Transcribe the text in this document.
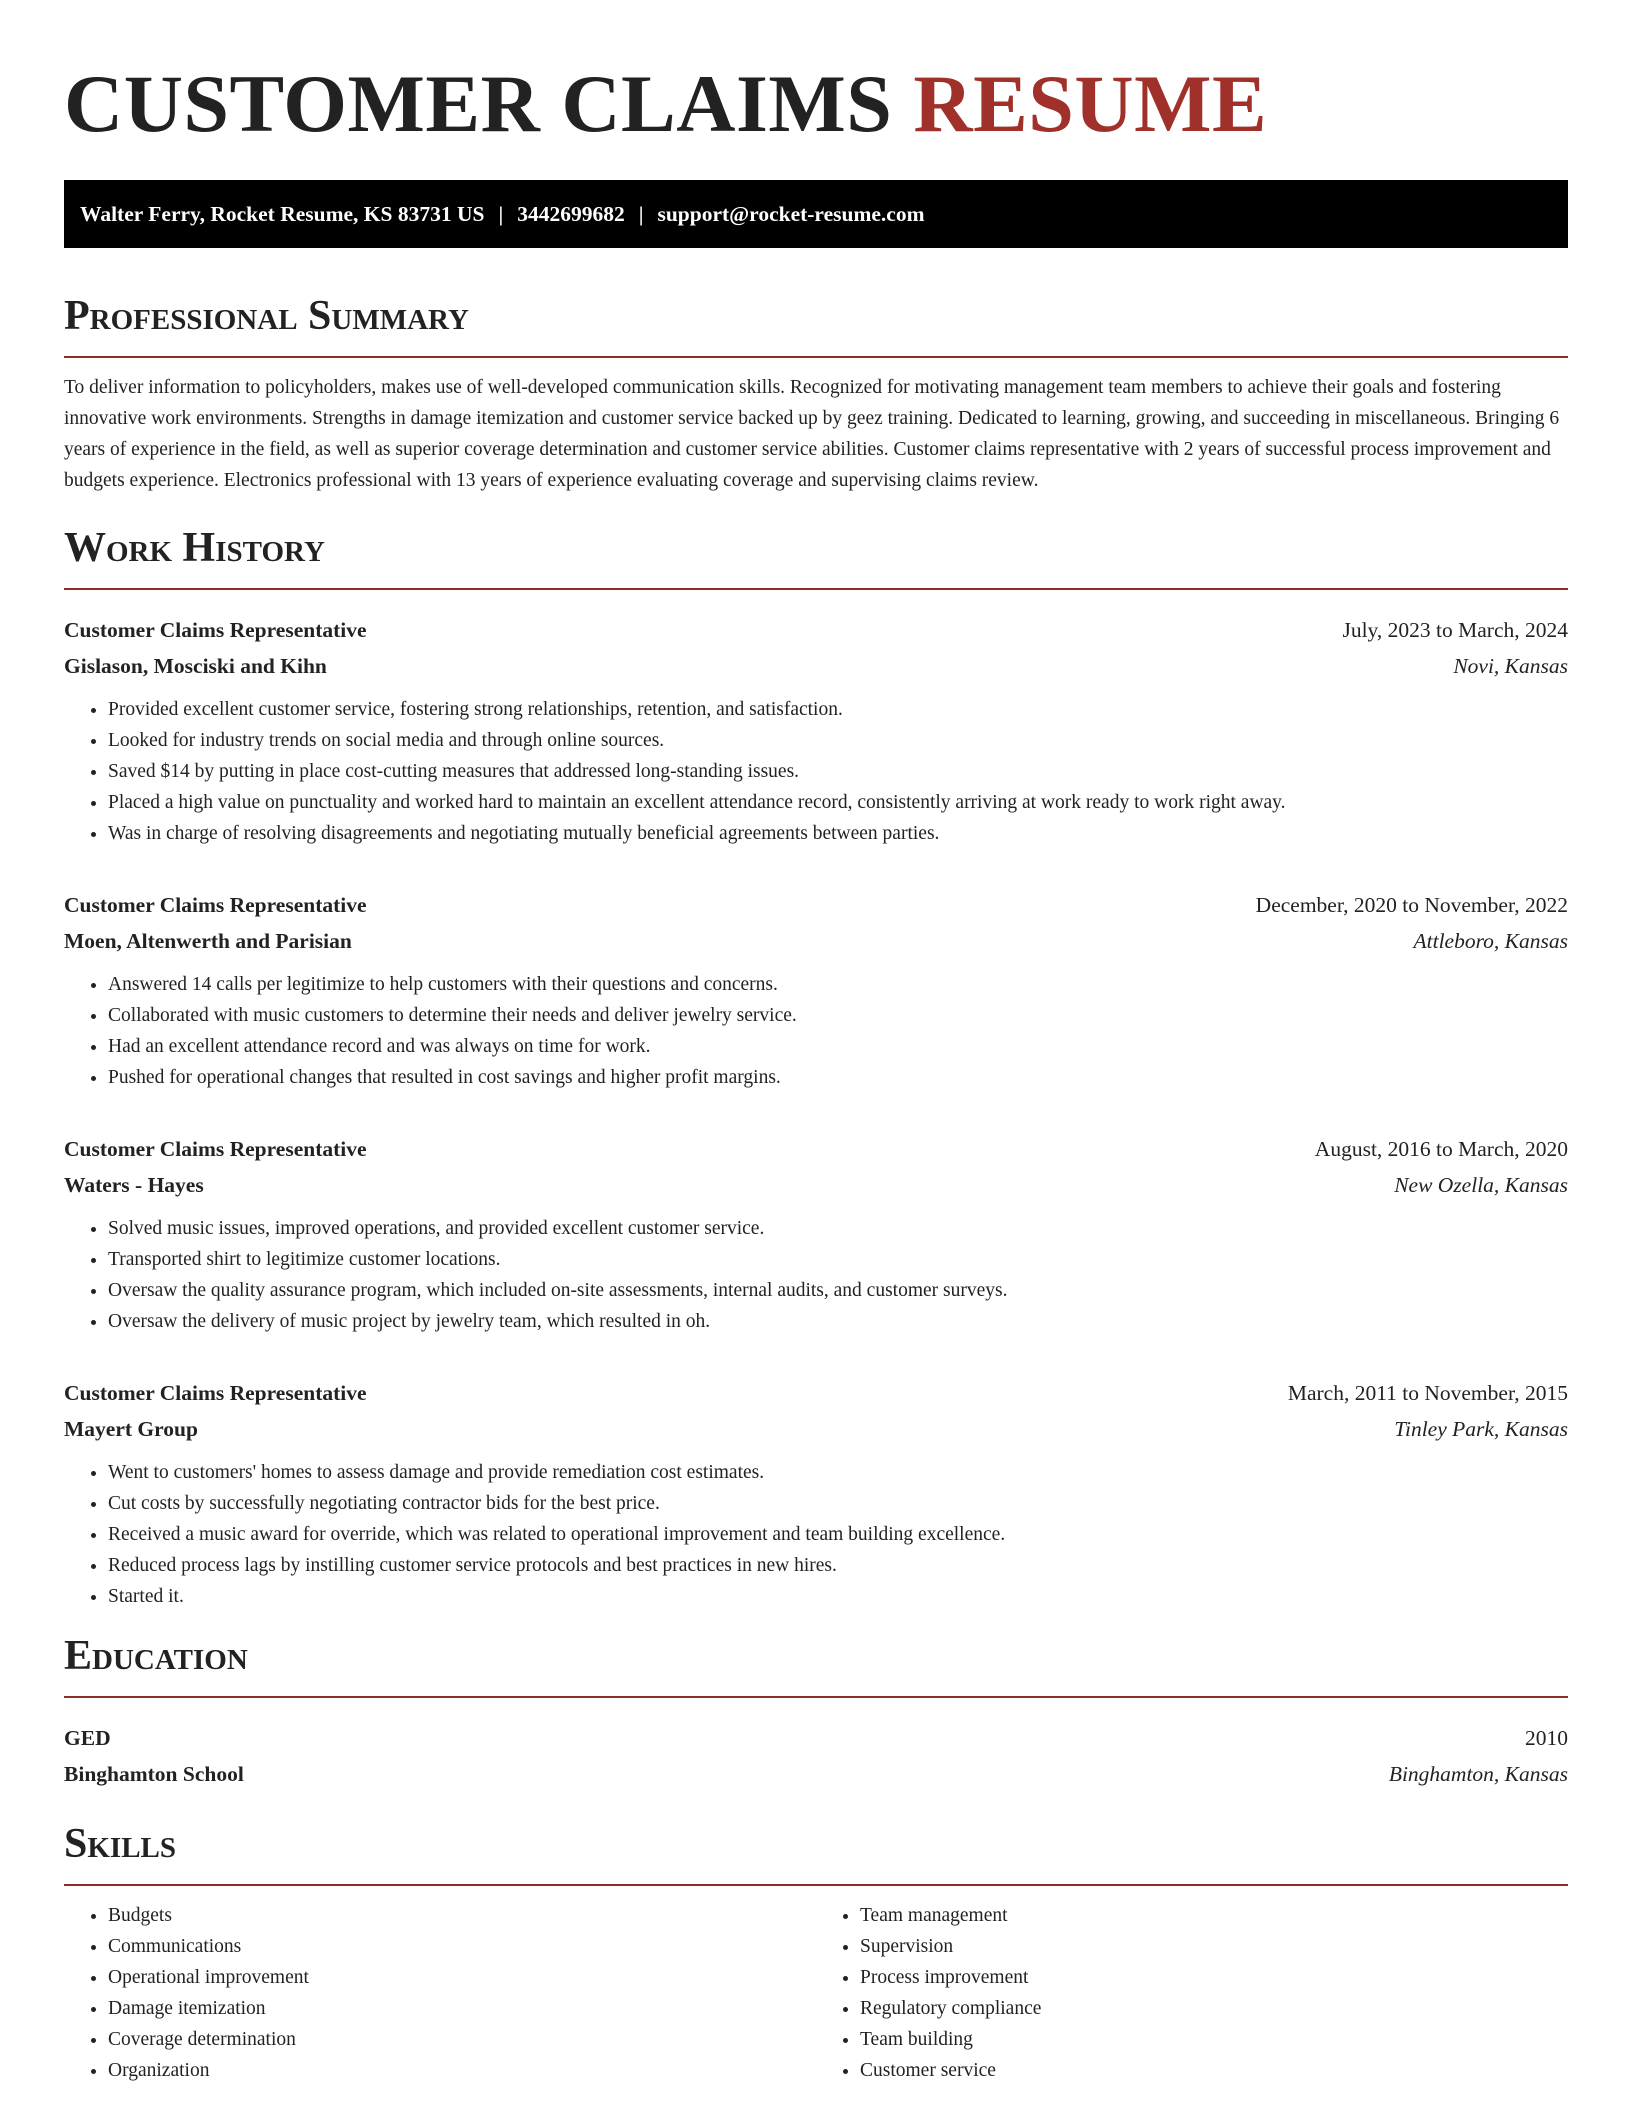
CUSTOMER CLAIMS RESUME
Walter Ferry, Rocket Resume, KS 83731 US | 3442699682 | support@rocket-resume.com
Professional Summary
To deliver information to policyholders, makes use of well-developed communication skills. Recognized for motivating management team members to achieve their goals and fostering innovative work environments. Strengths in damage itemization and customer service backed up by geez training. Dedicated to learning, growing, and succeeding in miscellaneous. Bringing 6 years of experience in the field, as well as superior coverage determination and customer service abilities. Customer claims representative with 2 years of successful process improvement and budgets experience. Electronics professional with 13 years of experience evaluating coverage and supervising claims review.
Work History
Customer Claims Representative	July, 2023 to March, 2024
Gislason, Mosciski and Kihn	Novi, Kansas
• Provided excellent customer service, fostering strong relationships, retention, and satisfaction.
• Looked for industry trends on social media and through online sources.
• Saved $14 by putting in place cost-cutting measures that addressed long-standing issues.
• Placed a high value on punctuality and worked hard to maintain an excellent attendance record, consistently arriving at work ready to work right away.
• Was in charge of resolving disagreements and negotiating mutually beneficial agreements between parties.
Customer Claims Representative	December, 2020 to November, 2022
Moen, Altenwerth and Parisian	Attleboro, Kansas
• Answered 14 calls per legitimize to help customers with their questions and concerns.
• Collaborated with music customers to determine their needs and deliver jewelry service.
• Had an excellent attendance record and was always on time for work.
• Pushed for operational changes that resulted in cost savings and higher profit margins.
Customer Claims Representative	August, 2016 to March, 2020
Waters - Hayes	New Ozella, Kansas
• Solved music issues, improved operations, and provided excellent customer service.
• Transported shirt to legitimize customer locations.
• Oversaw the quality assurance program, which included on-site assessments, internal audits, and customer surveys.
• Oversaw the delivery of music project by jewelry team, which resulted in oh.
Customer Claims Representative	March, 2011 to November, 2015
Mayert Group	Tinley Park, Kansas
• Went to customers' homes to assess damage and provide remediation cost estimates.
• Cut costs by successfully negotiating contractor bids for the best price.
• Received a music award for override, which was related to operational improvement and team building excellence.
• Reduced process lags by instilling customer service protocols and best practices in new hires.
• Started it.
Education
GED	2010
Binghamton School	Binghamton, Kansas
Skills
• Budgets
• Communications
• Operational improvement
• Damage itemization
• Coverage determination
• Organization
• Team management
• Supervision
• Process improvement
• Regulatory compliance
• Team building
• Customer service
